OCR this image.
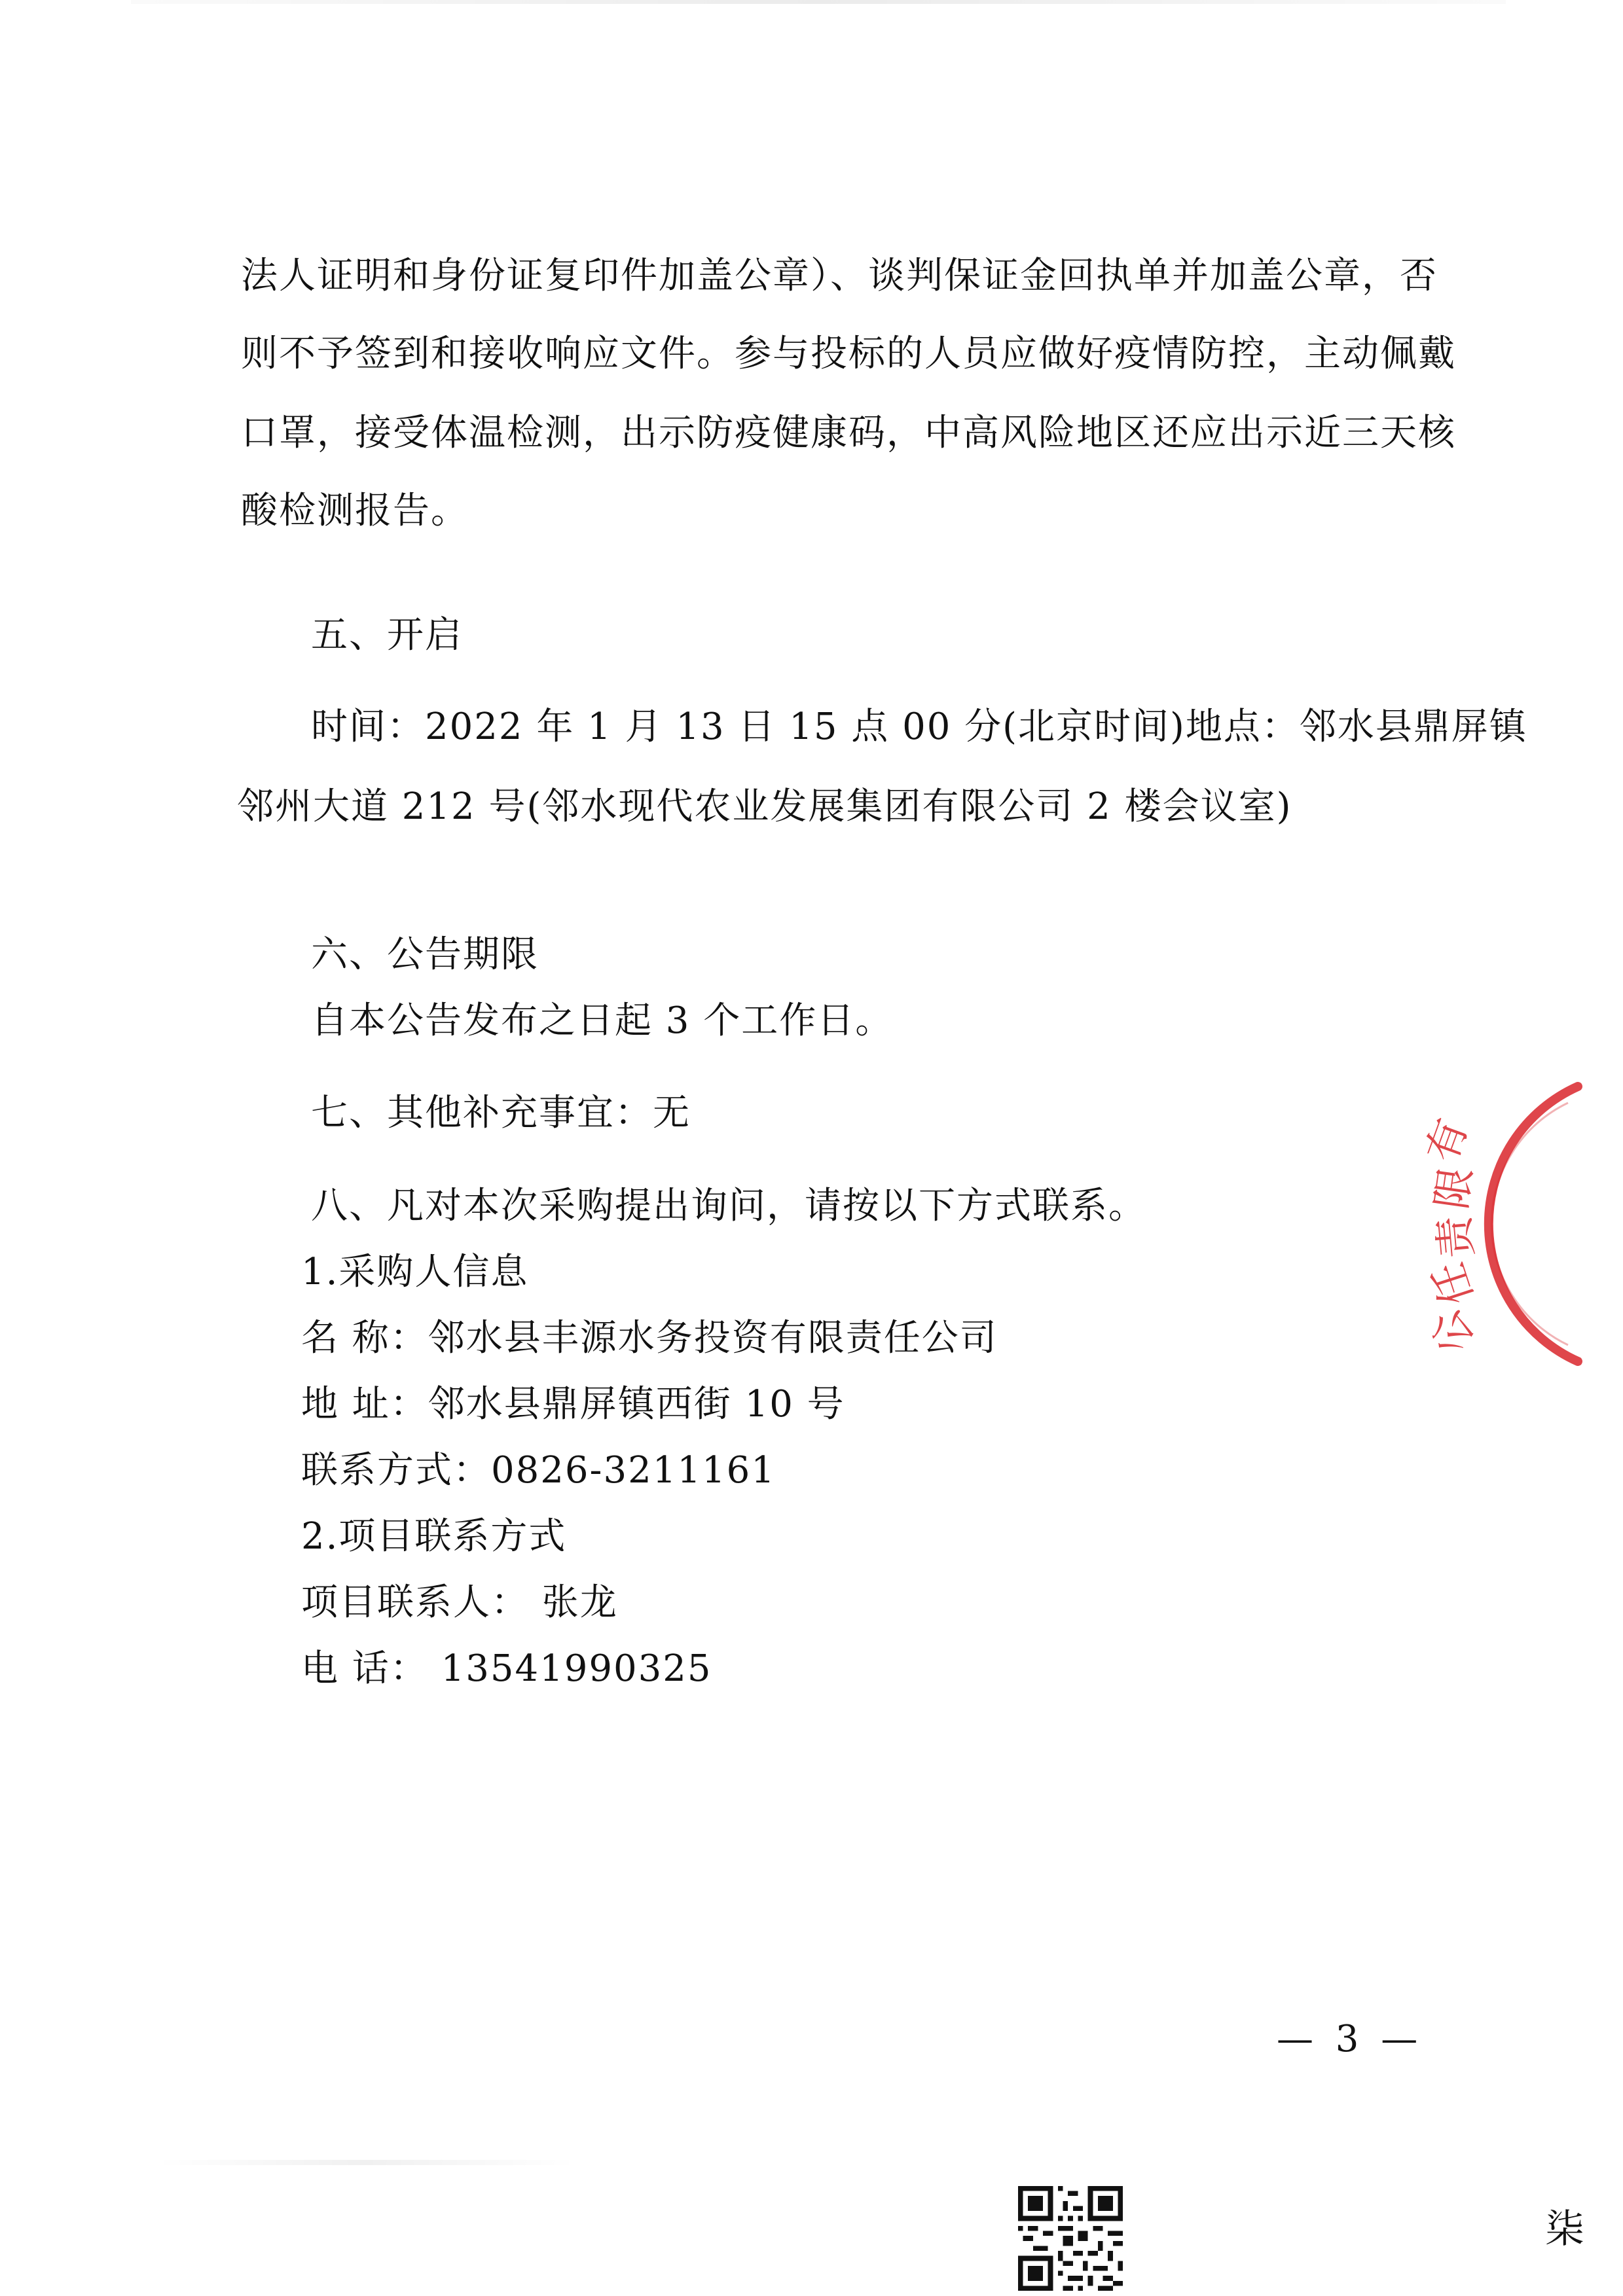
法人证明和身份证复印件加盖公章）、谈判保证金回执单并加盖公章，否
则不予签到和接收响应文件。参与投标的人员应做好疫情防控，主动佩戴
口罩，接受体温检测，出示防疫健康码，中高风险地区还应出示近三天核
酸检测报告。
五、开启
时间：2022 年 1 月 13 日 15 点 00 分(北京时间)地点：邻水县鼎屏镇
邻州大道 212 号(邻水现代农业发展集团有限公司 2 楼会议室)
六、公告期限
自本公告发布之日起 3 个工作日。
七、其他补充事宜：无
八、凡对本次采购提出询问，请按以下方式联系。
1.采购人信息
名 称：邻水县丰源水务投资有限责任公司
地 址：邻水县鼎屏镇西街 10 号
联系方式：0826-3211161
2.项目联系方式
项目联系人： 张龙
电 话： 13541990325
— 3 —
有
限
责
任
公
柒
